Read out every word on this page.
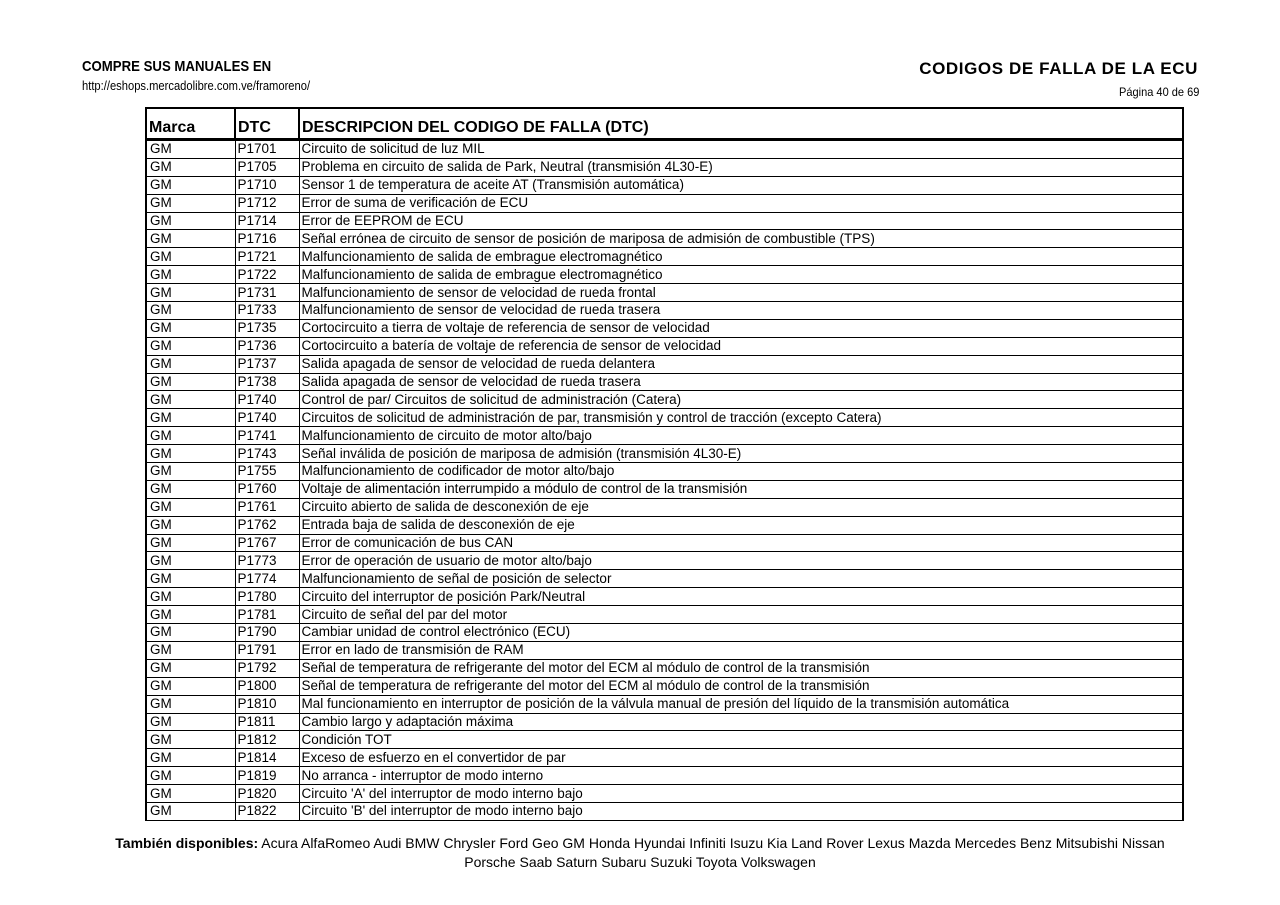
COMPRE SUS MANUALES EN
http://eshops.mercadolibre.com.ve/framoreno/
CODIGOS DE FALLA DE LA ECU
Página 40 de 69
Marca	DTC	DESCRIPCION DEL CODIGO DE FALLA (DTC)
GM	P1701	Circuito de solicitud de luz MIL
GM	P1705	Problema en circuito de salida de Park, Neutral (transmisión 4L30-E)
GM	P1710	Sensor 1 de temperatura de aceite AT (Transmisión automática)
GM	P1712	Error de suma de verificación de ECU
GM	P1714	Error de EEPROM de ECU
GM	P1716	Señal errónea de circuito de sensor de posición de mariposa de admisión de combustible (TPS)
GM	P1721	Malfuncionamiento de salida de embrague electromagnético
GM	P1722	Malfuncionamiento de salida de embrague electromagnético
GM	P1731	Malfuncionamiento de sensor de velocidad de rueda frontal
GM	P1733	Malfuncionamiento de sensor de velocidad de rueda trasera
GM	P1735	Cortocircuito a tierra de voltaje de referencia de sensor de velocidad
GM	P1736	Cortocircuito a batería de voltaje de referencia de sensor de velocidad
GM	P1737	Salida apagada de sensor de velocidad de rueda delantera
GM	P1738	Salida apagada de sensor de velocidad de rueda trasera
GM	P1740	Control de par/ Circuitos de solicitud de administración (Catera)
GM	P1740	Circuitos de solicitud de administración de par, transmisión y control de tracción (excepto Catera)
GM	P1741	Malfuncionamiento de circuito de motor alto/bajo
GM	P1743	Señal inválida de posición de mariposa de admisión (transmisión 4L30-E)
GM	P1755	Malfuncionamiento de codificador de motor alto/bajo
GM	P1760	Voltaje de alimentación interrumpido a módulo de control de la transmisión
GM	P1761	Circuito abierto de salida de desconexión de eje
GM	P1762	Entrada baja de salida de desconexión de eje
GM	P1767	Error de comunicación de bus CAN
GM	P1773	Error de operación de usuario de motor alto/bajo
GM	P1774	Malfuncionamiento de señal de posición de selector
GM	P1780	Circuito del interruptor de posición Park/Neutral
GM	P1781	Circuito de señal del par del motor
GM	P1790	Cambiar unidad de control electrónico (ECU)
GM	P1791	Error en lado de transmisión de RAM
GM	P1792	Señal de temperatura de refrigerante del motor del ECM al módulo de control de la transmisión
GM	P1800	Señal de temperatura de refrigerante del motor del ECM al módulo de control de la transmisión
GM	P1810	Mal funcionamiento en interruptor de posición de la válvula manual de presión del líquido de la transmisión automática
GM	P1811	Cambio largo y adaptación máxima
GM	P1812	Condición TOT
GM	P1814	Exceso de esfuerzo en el convertidor de par
GM	P1819	No arranca - interruptor de modo interno
GM	P1820	Circuito 'A' del interruptor de modo interno bajo
GM	P1822	Circuito 'B' del interruptor de modo interno bajo
También disponibles: Acura AlfaRomeo Audi BMW Chrysler Ford Geo GM Honda Hyundai Infiniti Isuzu Kia Land Rover Lexus Mazda Mercedes Benz Mitsubishi Nissan
Porsche Saab Saturn Subaru Suzuki Toyota Volkswagen
